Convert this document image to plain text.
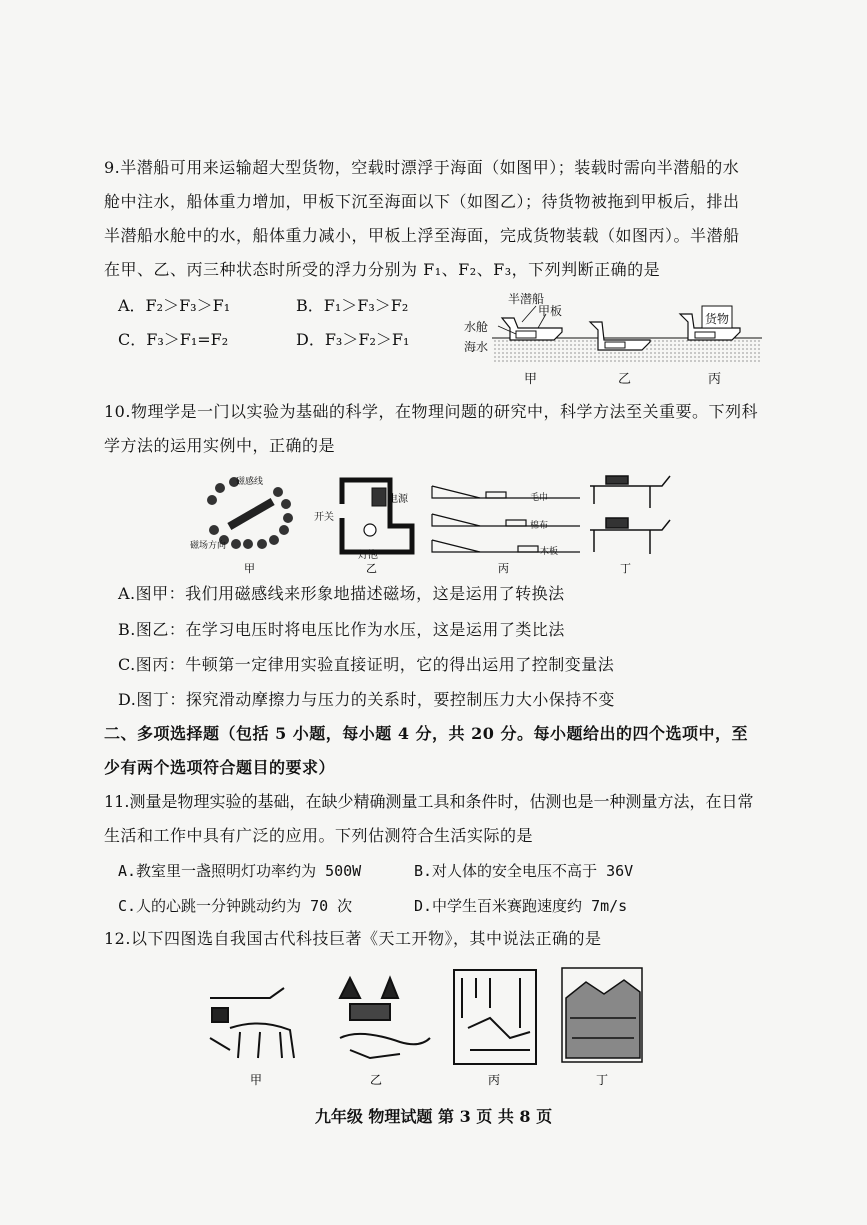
9.半潜船可用来运输超大型货物，空载时漂浮于海面（如图甲）；装载时需向半潜船的水
舱中注水，船体重力增加，甲板下沉至海面以下（如图乙）；待货物被拖到甲板后，排出
半潜船水舱中的水，船体重力减小，甲板上浮至海面，完成货物装载（如图丙）。半潜船
在甲、乙、丙三种状态时所受的浮力分别为 F₁、F₂、F₃，下列判断正确的是
A．F₂＞F₃＞F₁	B．F₁＞F₃＞F₂
C．F₃＞F₁=F₂	D．F₃＞F₂＞F₁
半潜船
甲板
水舱
海水
货物
甲	乙	丙
10.物理学是一门以实验为基础的科学，在物理问题的研究中，科学方法至关重要。下列科
学方法的运用实例中，正确的是
甲	乙	丙	丁
磁感线
磁场方向
开关
电源
灯泡
毛巾
棉布
木板
A.图甲：我们用磁感线来形象地描述磁场，这是运用了转换法
B.图乙：在学习电压时将电压比作为水压，这是运用了类比法
C.图丙：牛顿第一定律用实验直接证明，它的得出运用了控制变量法
D.图丁：探究滑动摩擦力与压力的关系时，要控制压力大小保持不变
二、多项选择题（包括 5 小题，每小题 4 分，共 20 分。每小题给出的四个选项中，至
少有两个选项符合题目的要求）
11.测量是物理实验的基础，在缺少精确测量工具和条件时，估测也是一种测量方法，在日常
生活和工作中具有广泛的应用。下列估测符合生活实际的是
A.教室里一盏照明灯功率约为 500W	B.对人体的安全电压不高于 36V
C.人的心跳一分钟跳动约为 70 次	D.中学生百米赛跑速度约 7m/s
12.以下四图选自我国古代科技巨著《天工开物》，其中说法正确的是
甲	乙	丙	丁
九年级 物理试题 第 3 页 共 8 页
